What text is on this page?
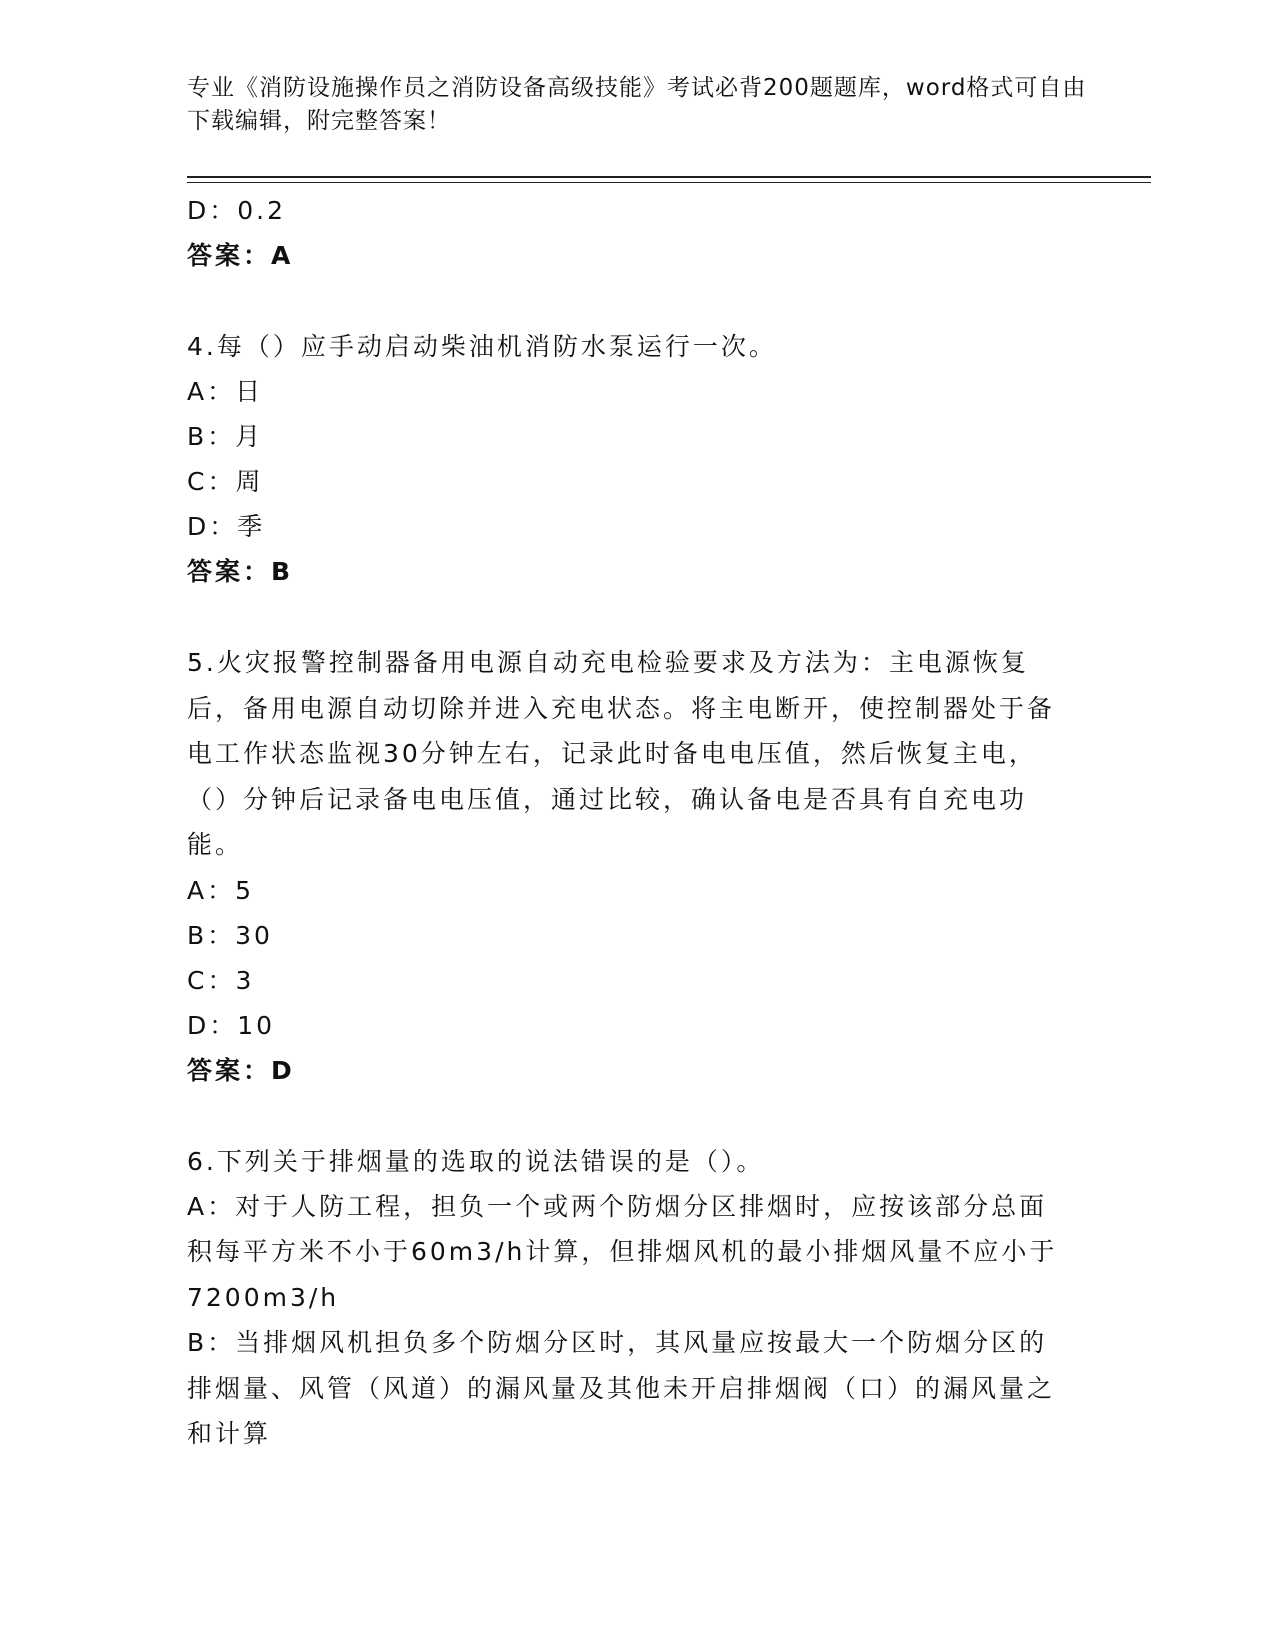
专业《消防设施操作员之消防设备高级技能》考试必背200题题库，word格式可自由下载编辑，附完整答案！

D：0.2

答案：A

4.每（）应手动启动柴油机消防水泵运行一次。

A：日

B：月

C：周

D：季

答案：B

5.火灾报警控制器备用电源自动充电检验要求及方法为：主电源恢复后，备用电源自动切除并进入充电状态。将主电断开，使控制器处于备电工作状态监视30分钟左右，记录此时备电电压值，然后恢复主电，（）分钟后记录备电电压值，通过比较，确认备电是否具有自充电功能。

A：5

B：30

C：3

D：10

答案：D

6.下列关于排烟量的选取的说法错误的是（）。

A：对于人防工程，担负一个或两个防烟分区排烟时，应按该部分总面积每平方米不小于60m3/h计算，但排烟风机的最小排烟风量不应小于7200m3/h

B：当排烟风机担负多个防烟分区时，其风量应按最大一个防烟分区的排烟量、风管（风道）的漏风量及其他未开启排烟阀（口）的漏风量之和计算
